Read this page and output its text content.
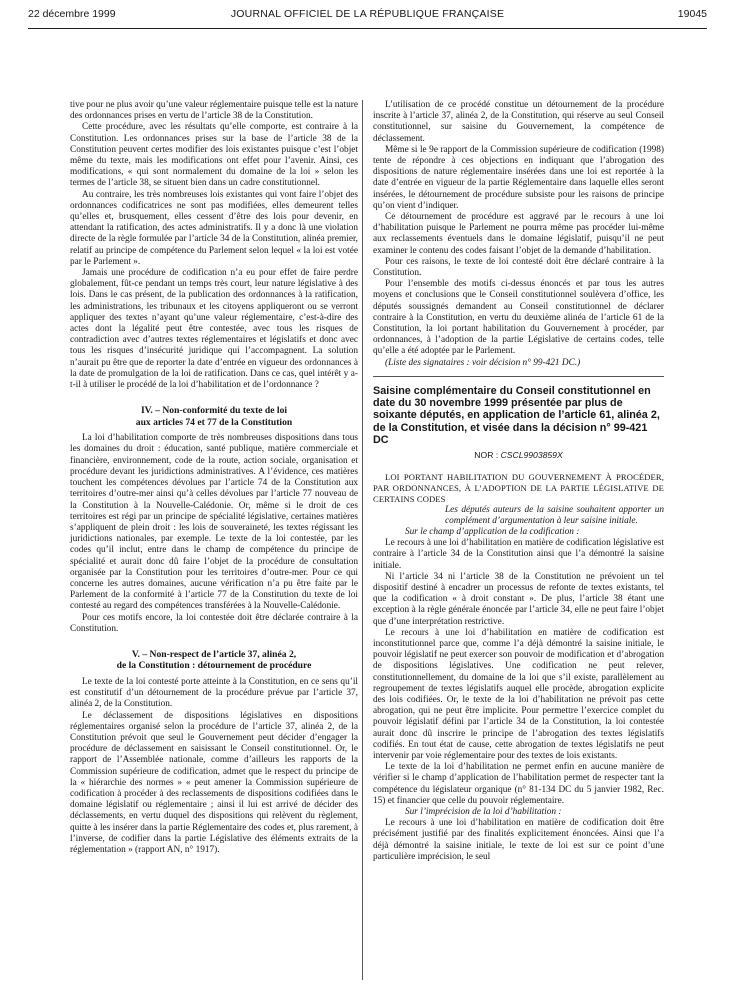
22 décembre 1999	JOURNAL OFFICIEL DE LA RÉPUBLIQUE FRANÇAISE	19045

tive pour ne plus avoir qu’une valeur réglementaire puisque telle est la nature des ordonnances prises en vertu de l’article 38 de la Constitution.

Cette procédure, avec les résultats qu’elle comporte, est contraire à la Constitution. Les ordonnances prises sur la base de l’article 38 de la Constitution peuvent certes modifier des lois existantes puisque c’est l’objet même du texte, mais les modifications ont effet pour l’avenir. Ainsi, ces modifications, « qui sont normalement du domaine de la loi » selon les termes de l’article 38, se situent bien dans un cadre constitutionnel.

Au contraire, les très nombreuses lois existantes qui vont faire l’objet des ordonnances codificatrices ne sont pas modifiées, elles demeurent telles qu’elles et, brusquement, elles cessent d’être des lois pour devenir, en attendant la ratification, des actes administratifs. Il y a donc là une violation directe de la règle formulée par l’article 34 de la Constitution, alinéa premier, relatif au principe de compétence du Parlement selon lequel « la loi est votée par le Parlement ».

Jamais une procédure de codification n’a eu pour effet de faire perdre globalement, fût-ce pendant un temps très court, leur nature législative à des lois. Dans le cas présent, de la publication des ordonnances à la ratification, les administrations, les tribunaux et les citoyens appliqueront ou se verront appliquer des textes n’ayant qu’une valeur réglementaire, c’est-à-dire des actes dont la légalité peut être contestée, avec tous les risques de contradiction avec d’autres textes réglementaires et législatifs et donc avec tous les risques d’insécurité juridique qui l’accompagnent. La solution n’aurait pu être que de reporter la date d’entrée en vigueur des ordonnances à la date de promulgation de la loi de ratification. Dans ce cas, quel intérêt y a-t-il à utiliser le procédé de la loi d’habilitation et de l’ordonnance ?

IV. – Non-conformité du texte de loi
aux articles 74 et 77 de la Constitution

La loi d’habilitation comporte de très nombreuses dispositions dans tous les domaines du droit : éducation, santé publique, matière commerciale et financière, environnement, code de la route, action sociale, organisation et procédure devant les juridictions administratives. A l’évidence, ces matières touchent les compétences dévolues par l’article 74 de la Constitution aux territoires d’outre-mer ainsi qu’à celles dévolues par l’article 77 nouveau de la Constitution à la Nouvelle-Calédonie. Or, même si le droit de ces territoires est régi par un principe de spécialité législative, certaines matières s’appliquent de plein droit : les lois de souveraineté, les textes régissant les juridictions nationales, par exemple. Le texte de la loi contestée, par les codes qu’il inclut, entre dans le champ de compétence du principe de spécialité et aurait donc dû faire l’objet de la procédure de consultation organisée par la Constitution pour les territoires d’outre-mer. Pour ce qui concerne les autres domaines, aucune vérification n’a pu être faite par le Parlement de la conformité à l’article 77 de la Constitution du texte de loi contesté au regard des compétences transférées à la Nouvelle-Calédonie.

Pour ces motifs encore, la loi contestée doit être déclarée contraire à la Constitution.

V. – Non-respect de l’article 37, alinéa 2,
de la Constitution : détournement de procédure

Le texte de la loi contesté porte atteinte à la Constitution, en ce sens qu’il est constitutif d’un détournement de la procédure prévue par l’article 37, alinéa 2, de la Constitution.

Le déclassement de dispositions législatives en dispositions réglementaires organisé selon la procédure de l’article 37, alinéa 2, de la Constitution prévoit que seul le Gouvernement peut décider d’engager la procédure de déclassement en saisissant le Conseil constitutionnel. Or, le rapport de l’Assemblée nationale, comme d’ailleurs les rapports de la Commission supérieure de codification, admet que le respect du principe de la « hiérarchie des normes » « peut amener la Commission supérieure de codification à procéder à des reclassements de dispositions codifiées dans le domaine législatif ou réglementaire ; ainsi il lui est arrivé de décider des déclassements, en vertu duquel des dispositions qui relèvent du règlement, quitte à les insérer dans la partie Réglementaire des codes et, plus rarement, à l’inverse, de codifier dans la partie Législative des éléments extraits de la réglementation » (rapport AN, n° 1917).

L’utilisation de ce procédé constitue un détournement de la procédure inscrite à l’article 37, alinéa 2, de la Constitution, qui réserve au seul Conseil constitutionnel, sur saisine du Gouvernement, la compétence de déclassement.

Même si le 9e rapport de la Commission supérieure de codification (1998) tente de répondre à ces objections en indiquant que l’abrogation des dispositions de nature réglementaire insérées dans une loi est reportée à la date d’entrée en vigueur de la partie Réglementaire dans laquelle elles seront insérées, le détournement de procédure subsiste pour les raisons de principe qu’on vient d’indiquer.

Ce détournement de procédure est aggravé par le recours à une loi d’habilitation puisque le Parlement ne pourra même pas procéder lui-même aux reclassements éventuels dans le domaine législatif, puisqu’il ne peut examiner le contenu des codes faisant l’objet de la demande d’habilitation.

Pour ces raisons, le texte de loi contesté doit être déclaré contraire à la Constitution.

Pour l’ensemble des motifs ci-dessus énoncés et par tous les autres moyens et conclusions que le Conseil constitutionnel soulèvera d’office, les députés soussignés demandent au Conseil constitutionnel de déclarer contraire à la Constitution, en vertu du deuxième alinéa de l’article 61 de la Constitution, la loi portant habilitation du Gouvernement à procéder, par ordonnances, à l’adoption de la partie Législative de certains codes, telle qu’elle a été adoptée par le Parlement.

(Liste des signataires : voir décision n° 99-421 DC.)

Saisine complémentaire du Conseil constitutionnel en date du 30 novembre 1999 présentée par plus de soixante députés, en application de l’article 61, alinéa 2, de la Constitution, et visée dans la décision n° 99-421 DC
NOR : CSCL9903859X

LOI PORTANT HABILITATION DU GOUVERNEMENT À PROCÉDER, PAR ORDONNANCES, À L’ADOPTION DE LA PARTIE LÉGISLATIVE DE CERTAINS CODES

Les députés auteurs de la saisine souhaitent apporter un complément d’argumentation à leur saisine initiale.

Sur le champ d’application de la codification :

Le recours à une loi d’habilitation en matière de codification législative est contraire à l’article 34 de la Constitution ainsi que l’a démontré la saisine initiale.

Ni l’article 34 ni l’article 38 de la Constitution ne prévoient un tel dispositif destiné à encadrer un processus de refonte de textes existants, tel que la codification « à droit constant ». De plus, l’article 38 étant une exception à la règle générale énoncée par l’article 34, elle ne peut faire l’objet que d’une interprétation restrictive.

Le recours à une loi d’habilitation en matière de codification est inconstitutionnel parce que, comme l’a déjà démontré la saisine initiale, le pouvoir législatif ne peut exercer son pouvoir de modification et d’abrogation de dispositions législatives. Une codification ne peut relever, constitutionnellement, du domaine de la loi que s’il existe, parallèlement au regroupement de textes législatifs auquel elle procède, abrogation explicite des lois codifiées. Or, le texte de la loi d’habilitation ne prévoit pas cette abrogation, qui ne peut être implicite. Pour permettre l’exercice complet du pouvoir législatif défini par l’article 34 de la Constitution, la loi contestée aurait donc dû inscrire le principe de l’abrogation des textes législatifs codifiés. En tout état de cause, cette abrogation de textes législatifs ne peut intervenir par voie réglementaire pour des textes de lois existants.

Le texte de la loi d’habilitation ne permet enfin en aucune manière de vérifier si le champ d’application de l’habilitation permet de respecter tant la compétence du législateur organique (n° 81-134 DC du 5 janvier 1982, Rec. 15) et financier que celle du pouvoir réglementaire.

Sur l’imprécision de la loi d’habilitation :

Le recours à une loi d’habilitation en matière de codification doit être précisément justifié par des finalités explicitement énoncées. Ainsi que l’a déjà démontré la saisine initiale, le texte de loi est sur ce point d’une particulière imprécision, le seul
